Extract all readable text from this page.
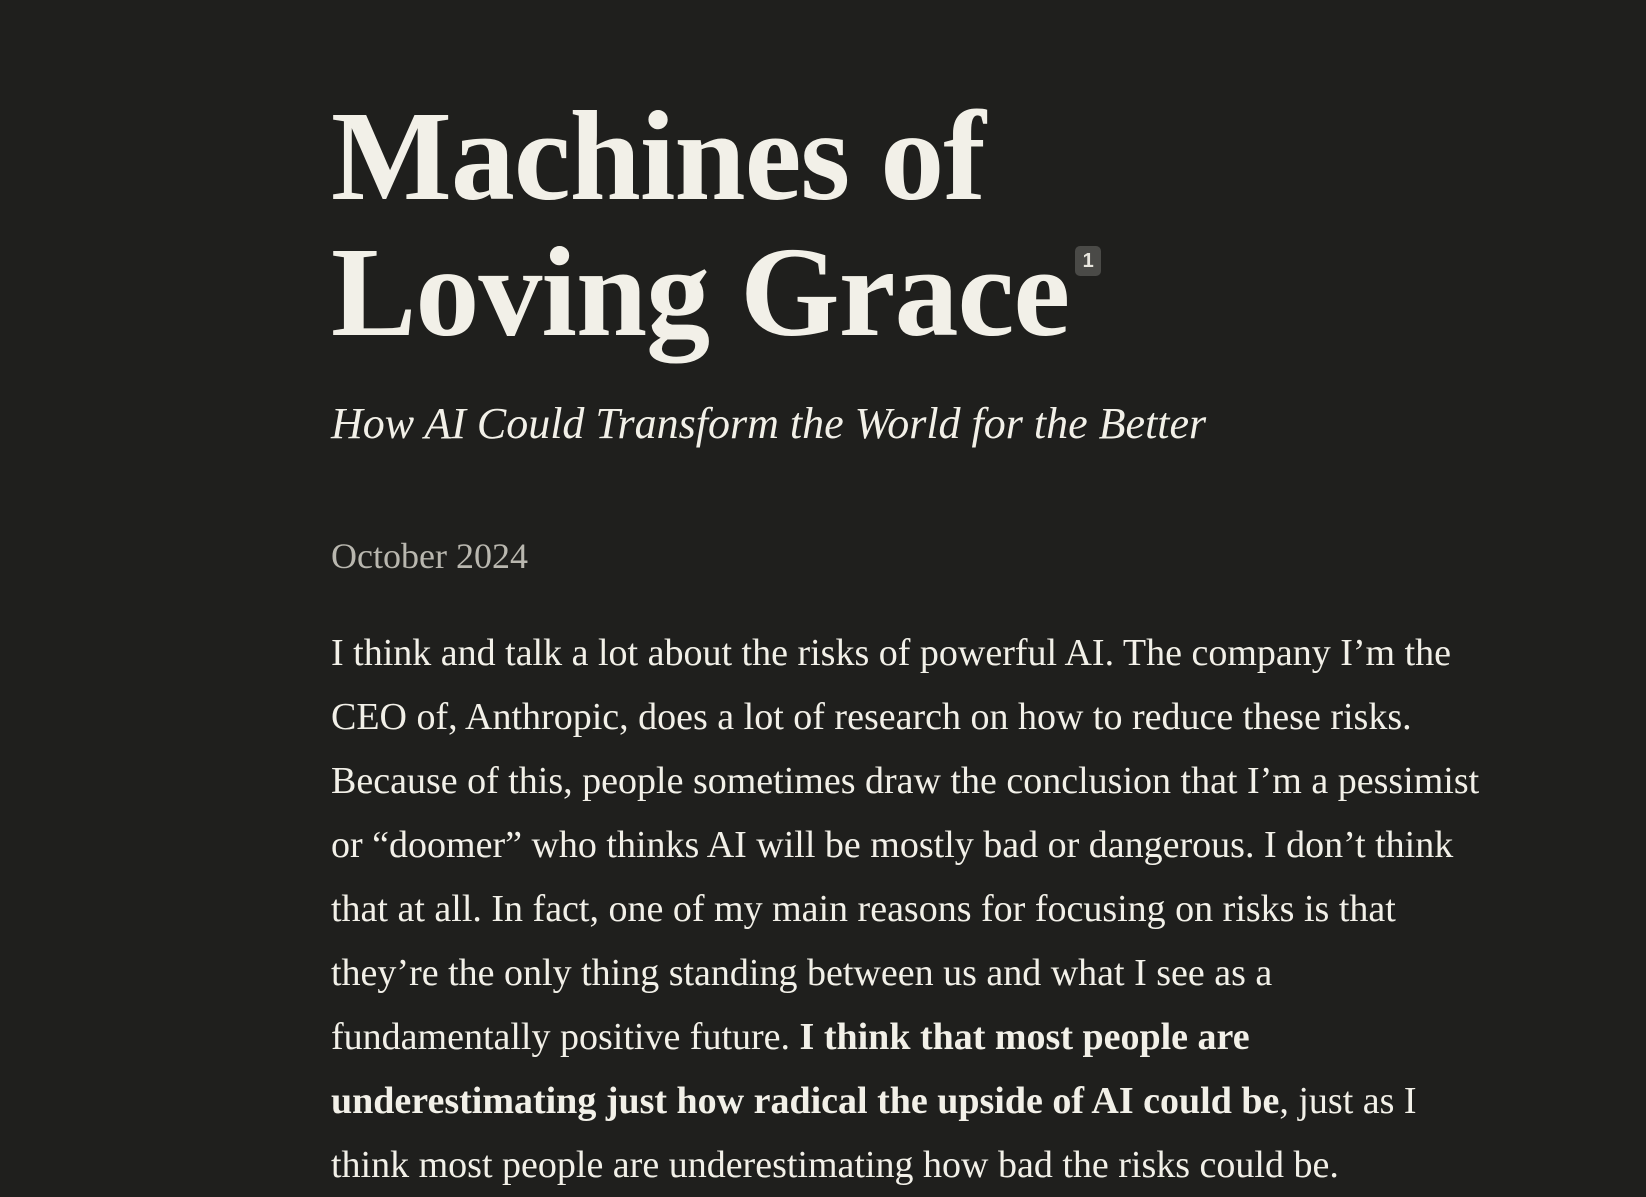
Machines of
Loving Grace 1
How AI Could Transform the World for the Better
October 2024

I think and talk a lot about the risks of powerful AI. The company I’m the CEO of, Anthropic, does a lot of research on how to reduce these risks. Because of this, people sometimes draw the conclusion that I’m a pessimist or “doomer” who thinks AI will be mostly bad or dangerous. I don’t think that at all. In fact, one of my main reasons for focusing on risks is that they’re the only thing standing between us and what I see as a fundamentally positive future. I think that most people are underestimating just how radical the upside of AI could be, just as I think most people are underestimating how bad the risks could be.
